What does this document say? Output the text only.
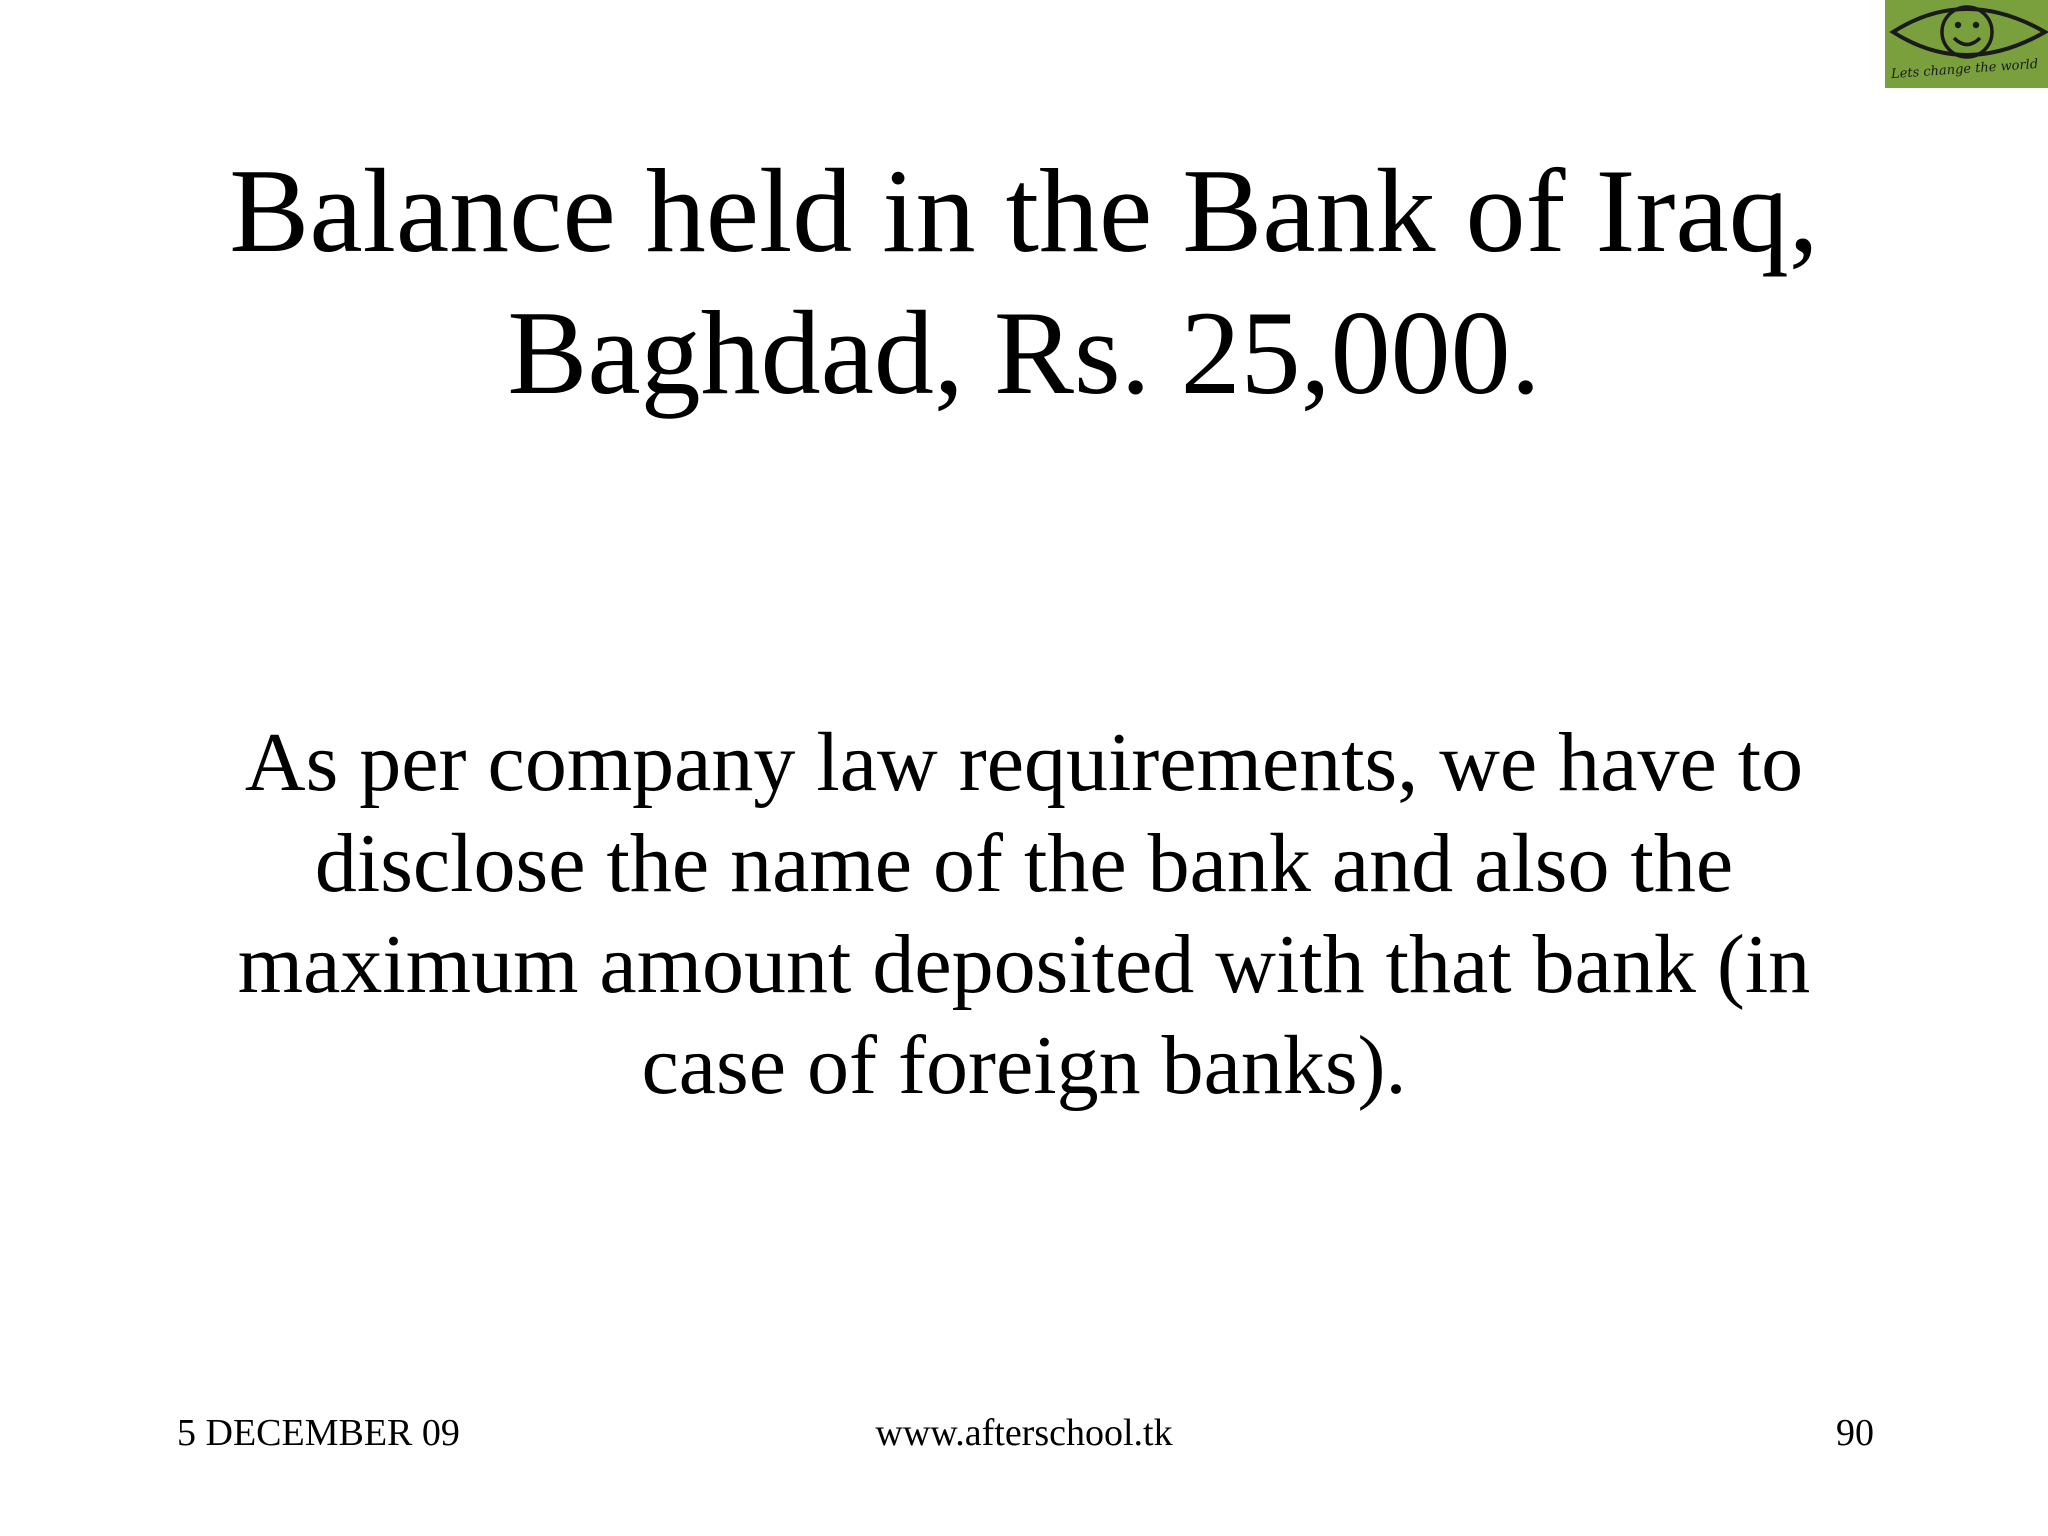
Lets change the world
Balance held in the Bank of Iraq,
Baghdad, Rs. 25,000.

As per company law requirements, we have to
disclose the name of the bank and also the
maximum amount deposited with that bank (in
case of foreign banks).

5 DECEMBER 09	www.afterschool.tk	90
